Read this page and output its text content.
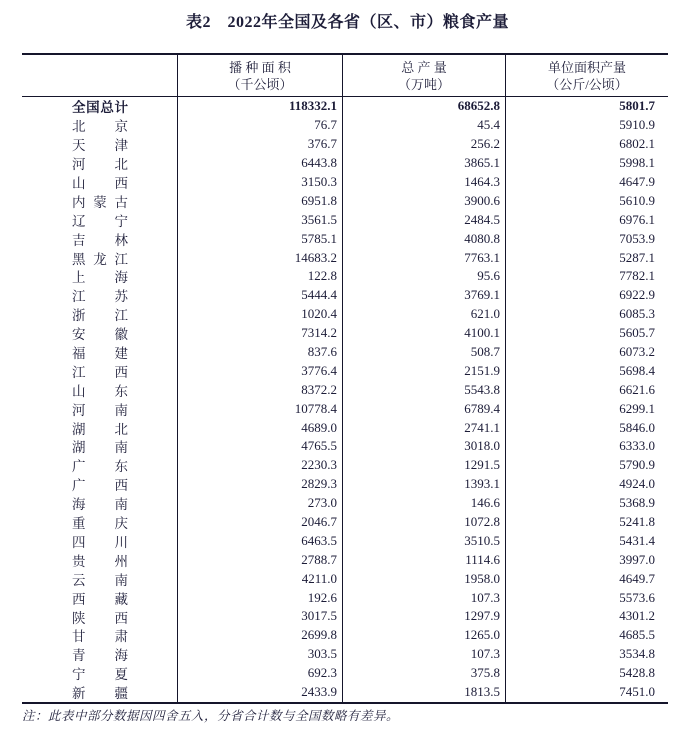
表2　2022年全国及各省（区、市）粮食产量
播 种 面 积
（千公顷）
总 产 量
（万吨）
单位面积产量
（公斤/公顷）
全国总计	118332.1	68652.8	5801.7
北京	76.7	45.4	5910.9
天津	376.7	256.2	6802.1
河北	6443.8	3865.1	5998.1
山西	3150.3	1464.3	4647.9
内蒙古	6951.8	3900.6	5610.9
辽宁	3561.5	2484.5	6976.1
吉林	5785.1	4080.8	7053.9
黑龙江	14683.2	7763.1	5287.1
上海	122.8	95.6	7782.1
江苏	5444.4	3769.1	6922.9
浙江	1020.4	621.0	6085.3
安徽	7314.2	4100.1	5605.7
福建	837.6	508.7	6073.2
江西	3776.4	2151.9	5698.4
山东	8372.2	5543.8	6621.6
河南	10778.4	6789.4	6299.1
湖北	4689.0	2741.1	5846.0
湖南	4765.5	3018.0	6333.0
广东	2230.3	1291.5	5790.9
广西	2829.3	1393.1	4924.0
海南	273.0	146.6	5368.9
重庆	2046.7	1072.8	5241.8
四川	6463.5	3510.5	5431.4
贵州	2788.7	1114.6	3997.0
云南	4211.0	1958.0	4649.7
西藏	192.6	107.3	5573.6
陕西	3017.5	1297.9	4301.2
甘肃	2699.8	1265.0	4685.5
青海	303.5	107.3	3534.8
宁夏	692.3	375.8	5428.8
新疆	2433.9	1813.5	7451.0
注：此表中部分数据因四舍五入，分省合计数与全国数略有差异。
